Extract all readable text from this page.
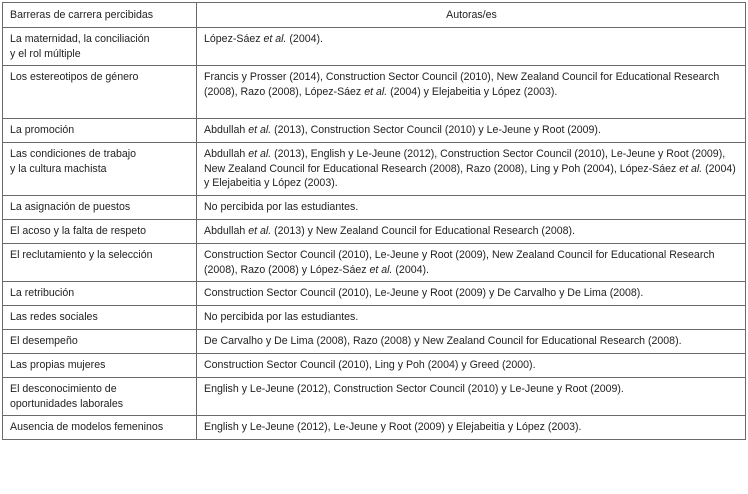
Barreras de carrera percibidas	Autoras/es
La maternidad, la conciliación
y el rol múltiple	López-Sáez et al. (2004).
Los estereotipos de género	Francis y Prosser (2014), Construction Sector Council (2010), New Zealand Council for Educational Research (2008), Razo (2008), López-Sáez et al. (2004) y Elejabeitia y López (2003).
La promoción	Abdullah et al. (2013), Construction Sector Council (2010) y Le-Jeune y Root (2009).
Las condiciones de trabajo
y la cultura machista	Abdullah et al. (2013), English y Le-Jeune (2012), Construction Sector Council (2010), Le-Jeune y Root (2009), New Zealand Council for Educational Research (2008), Razo (2008), Ling y Poh (2004), López-Sáez et al. (2004) y Elejabeitia y López (2003).
La asignación de puestos	No percibida por las estudiantes.
El acoso y la falta de respeto	Abdullah et al. (2013) y New Zealand Council for Educational Research (2008).
El reclutamiento y la selección	Construction Sector Council (2010), Le-Jeune y Root (2009), New Zealand Council for Educational Research (2008), Razo (2008) y López-Sáez et al. (2004).
La retribución	Construction Sector Council (2010), Le-Jeune y Root (2009) y De Carvalho y De Lima (2008).
Las redes sociales	No percibida por las estudiantes.
El desempeño	De Carvalho y De Lima (2008), Razo (2008) y New Zealand Council for Educational Research (2008).
Las propias mujeres	Construction Sector Council (2010), Ling y Poh (2004) y Greed (2000).
El desconocimiento de
oportunidades laborales	English y Le-Jeune (2012), Construction Sector Council (2010) y Le-Jeune y Root (2009).
Ausencia de modelos femeninos	English y Le-Jeune (2012), Le-Jeune y Root (2009) y Elejabeitia y López (2003).
